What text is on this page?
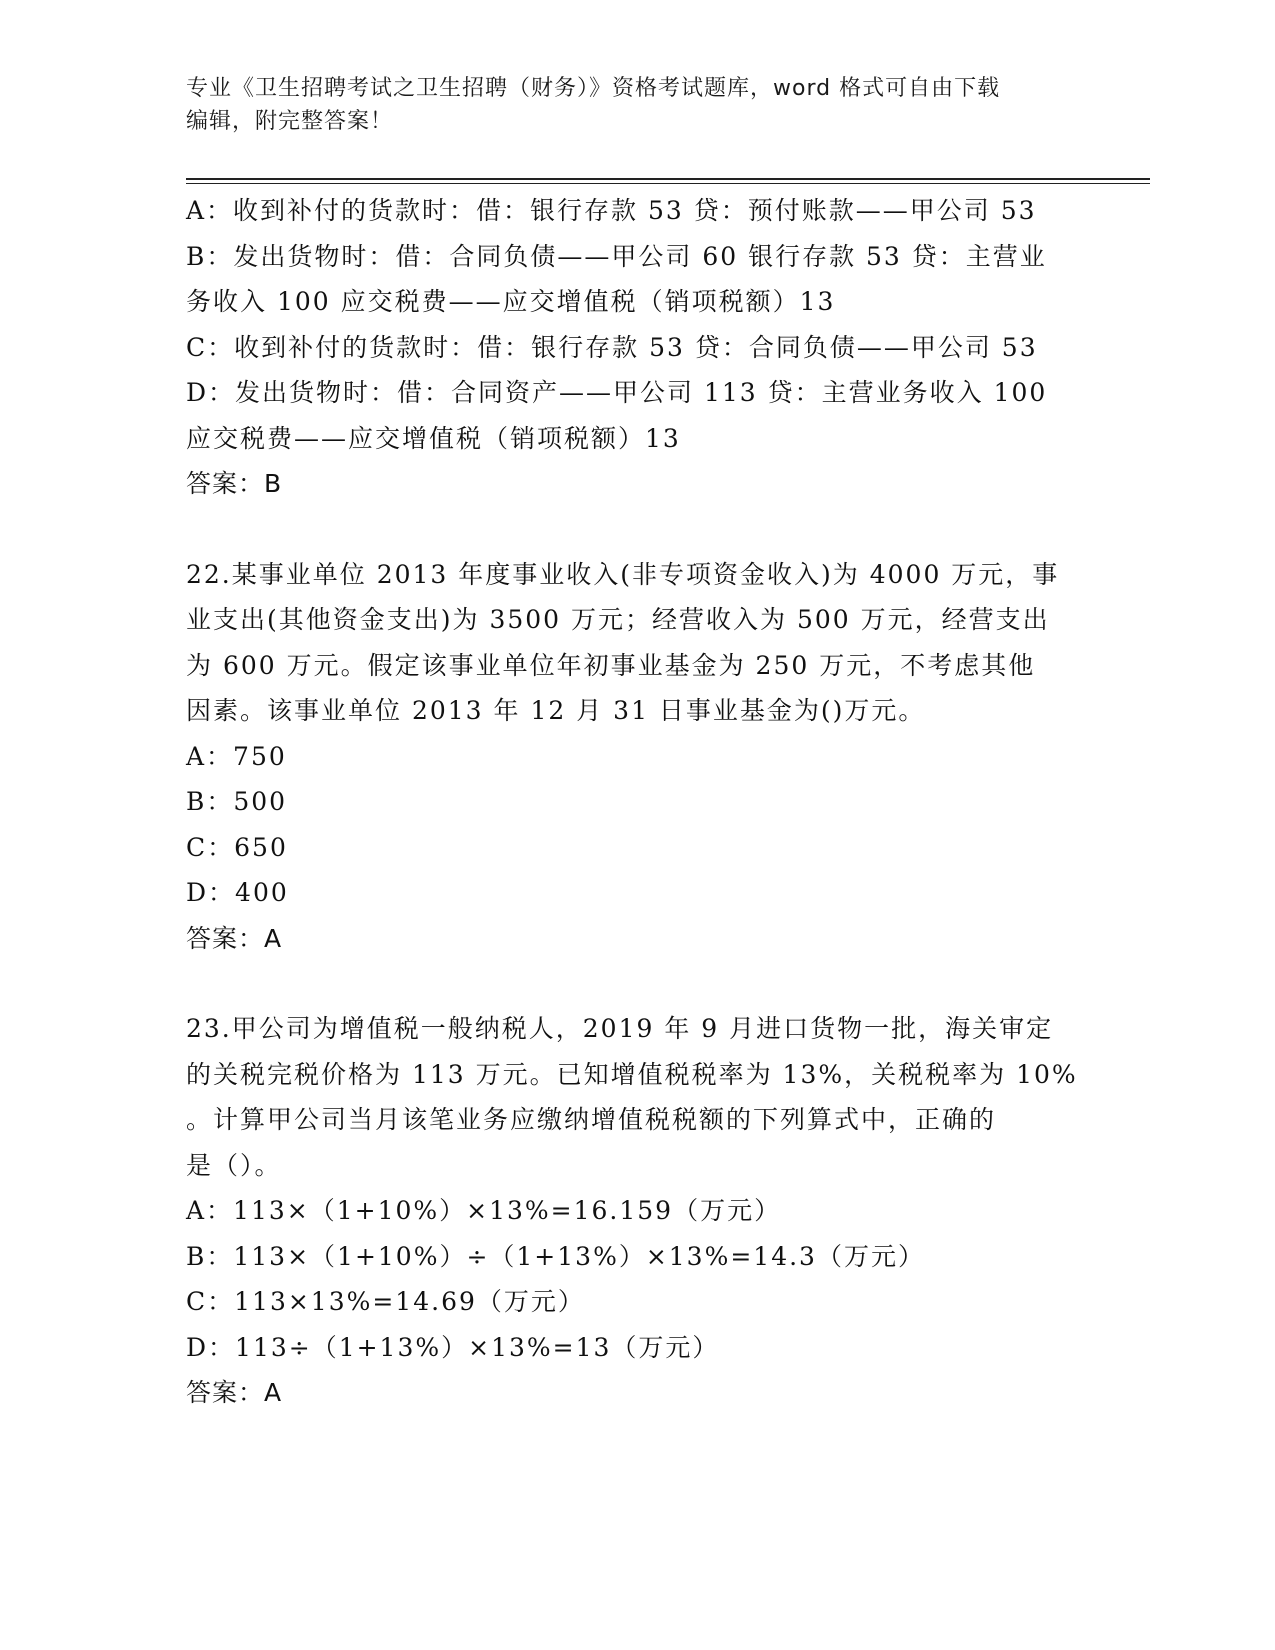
专业《卫生招聘考试之卫生招聘（财务）》资格考试题库，word 格式可自由下载
编辑，附完整答案！
A：收到补付的货款时：借：银行存款 53 贷：预付账款——甲公司 53
B：发出货物时：借：合同负债——甲公司 60 银行存款 53 贷：主营业
务收入 100 应交税费——应交增值税（销项税额）13
C：收到补付的货款时：借：银行存款 53 贷：合同负债——甲公司 53
D：发出货物时：借：合同资产——甲公司 113 贷：主营业务收入 100
应交税费——应交增值税（销项税额）13
答案：B
22.某事业单位 2013 年度事业收入(非专项资金收入)为 4000 万元，事
业支出(其他资金支出)为 3500 万元；经营收入为 500 万元，经营支出
为 600 万元。假定该事业单位年初事业基金为 250 万元，不考虑其他
因素。该事业单位 2013 年 12 月 31 日事业基金为()万元。
A：750
B：500
C：650
D：400
答案：A
23.甲公司为增值税一般纳税人，2019 年 9 月进口货物一批，海关审定
的关税完税价格为 113 万元。已知增值税税率为 13%，关税税率为 10%
。计算甲公司当月该笔业务应缴纳增值税税额的下列算式中，正确的
是（）。
A：113×（1+10%）×13%=16.159（万元）
B：113×（1+10%）÷（1+13%）×13%=14.3（万元）
C：113×13%=14.69（万元）
D：113÷（1+13%）×13%=13（万元）
答案：A
